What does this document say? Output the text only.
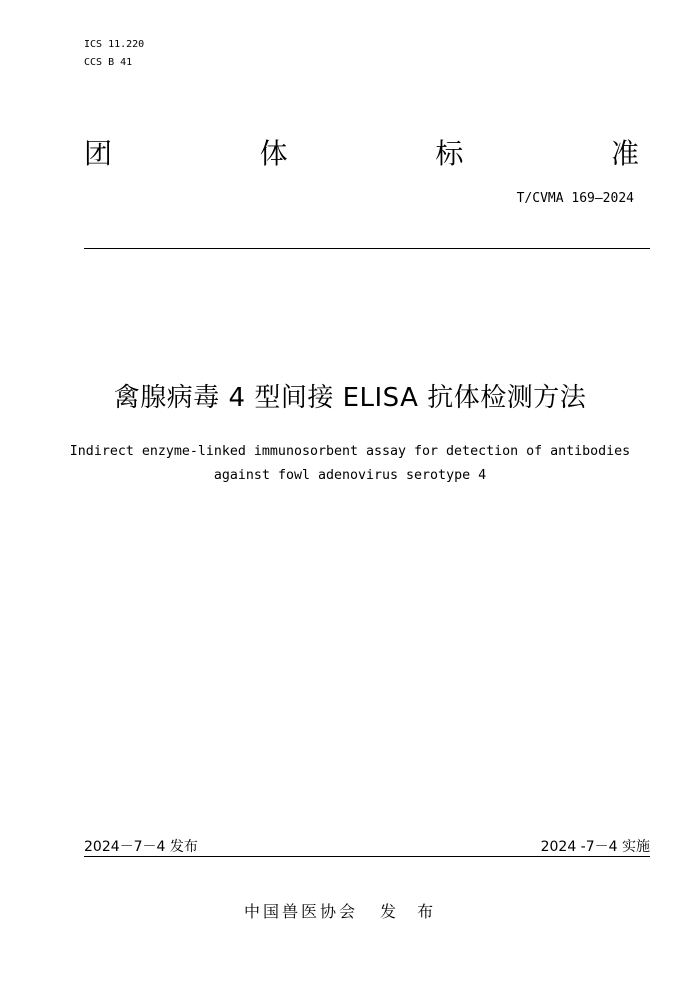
ICS 11.220
CCS B 41
团	体	标	准
T/CVMA 169—2024
禽腺病毒 4 型间接 ELISA 抗体检测方法
Indirect enzyme-linked immunosorbent assay for detection of antibodies
against fowl adenovirus serotype 4
2024－7－4 发布	2024 -7－4 实施
中国兽医协会 发 布
